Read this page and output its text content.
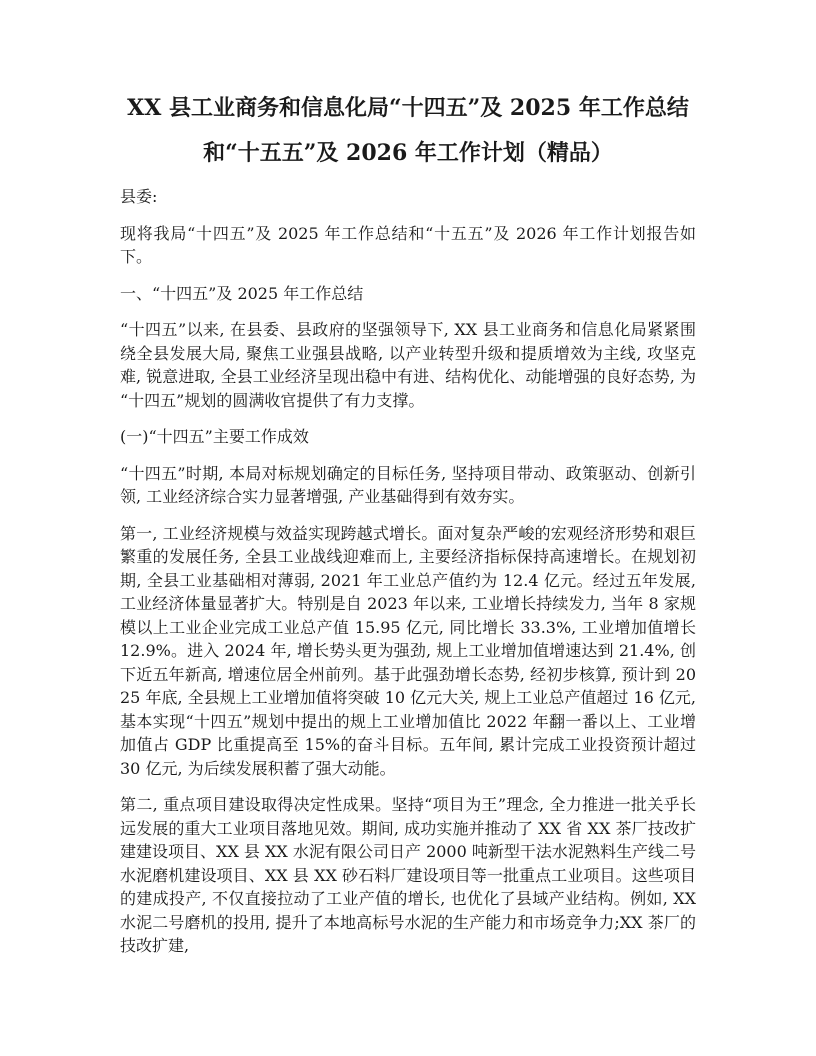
XX 县工业商务和信息化局“十四五”及 2025 年工作总结和“十五五”及 2026 年工作计划（精品）

县委:

现将我局“十四五”及 2025 年工作总结和“十五五”及 2026 年工作计划报告如下。

一、“十四五”及 2025 年工作总结

“十四五”以来, 在县委、县政府的坚强领导下, XX 县工业商务和信息化局紧紧围绕全县发展大局, 聚焦工业强县战略, 以产业转型升级和提质增效为主线, 攻坚克难, 锐意进取, 全县工业经济呈现出稳中有进、结构优化、动能增强的良好态势, 为“十四五”规划的圆满收官提供了有力支撑。

(一)“十四五”主要工作成效

“十四五”时期, 本局对标规划确定的目标任务, 坚持项目带动、政策驱动、创新引领, 工业经济综合实力显著增强, 产业基础得到有效夯实。

第一, 工业经济规模与效益实现跨越式增长。面对复杂严峻的宏观经济形势和艰巨繁重的发展任务, 全县工业战线迎难而上, 主要经济指标保持高速增长。在规划初期, 全县工业基础相对薄弱, 2021 年工业总产值约为 12.4 亿元。经过五年发展, 工业经济体量显著扩大。特别是自 2023 年以来, 工业增长持续发力, 当年 8 家规模以上工业企业完成工业总产值 15.95 亿元, 同比增长 33.3%, 工业增加值增长 12.9%。进入 2024 年, 增长势头更为强劲, 规上工业增加值增速达到 21.4%, 创下近五年新高, 增速位居全州前列。基于此强劲增长态势, 经初步核算, 预计到 2025 年底, 全县规上工业增加值将突破 10 亿元大关, 规上工业总产值超过 16 亿元, 基本实现“十四五”规划中提出的规上工业增加值比 2022 年翻一番以上、工业增加值占 GDP 比重提高至 15%的奋斗目标。五年间, 累计完成工业投资预计超过 30 亿元, 为后续发展积蓄了强大动能。

第二, 重点项目建设取得决定性成果。坚持“项目为王”理念, 全力推进一批关乎长远发展的重大工业项目落地见效。期间, 成功实施并推动了 XX 省 XX 茶厂技改扩建建设项目、XX 县 XX 水泥有限公司日产 2000 吨新型干法水泥熟料生产线二号水泥磨机建设项目、XX 县 XX 砂石料厂建设项目等一批重点工业项目。这些项目的建成投产, 不仅直接拉动了工业产值的增长, 也优化了县域产业结构。例如, XX 水泥二号磨机的投用, 提升了本地高标号水泥的生产能力和市场竞争力;XX 茶厂的技改扩建,
